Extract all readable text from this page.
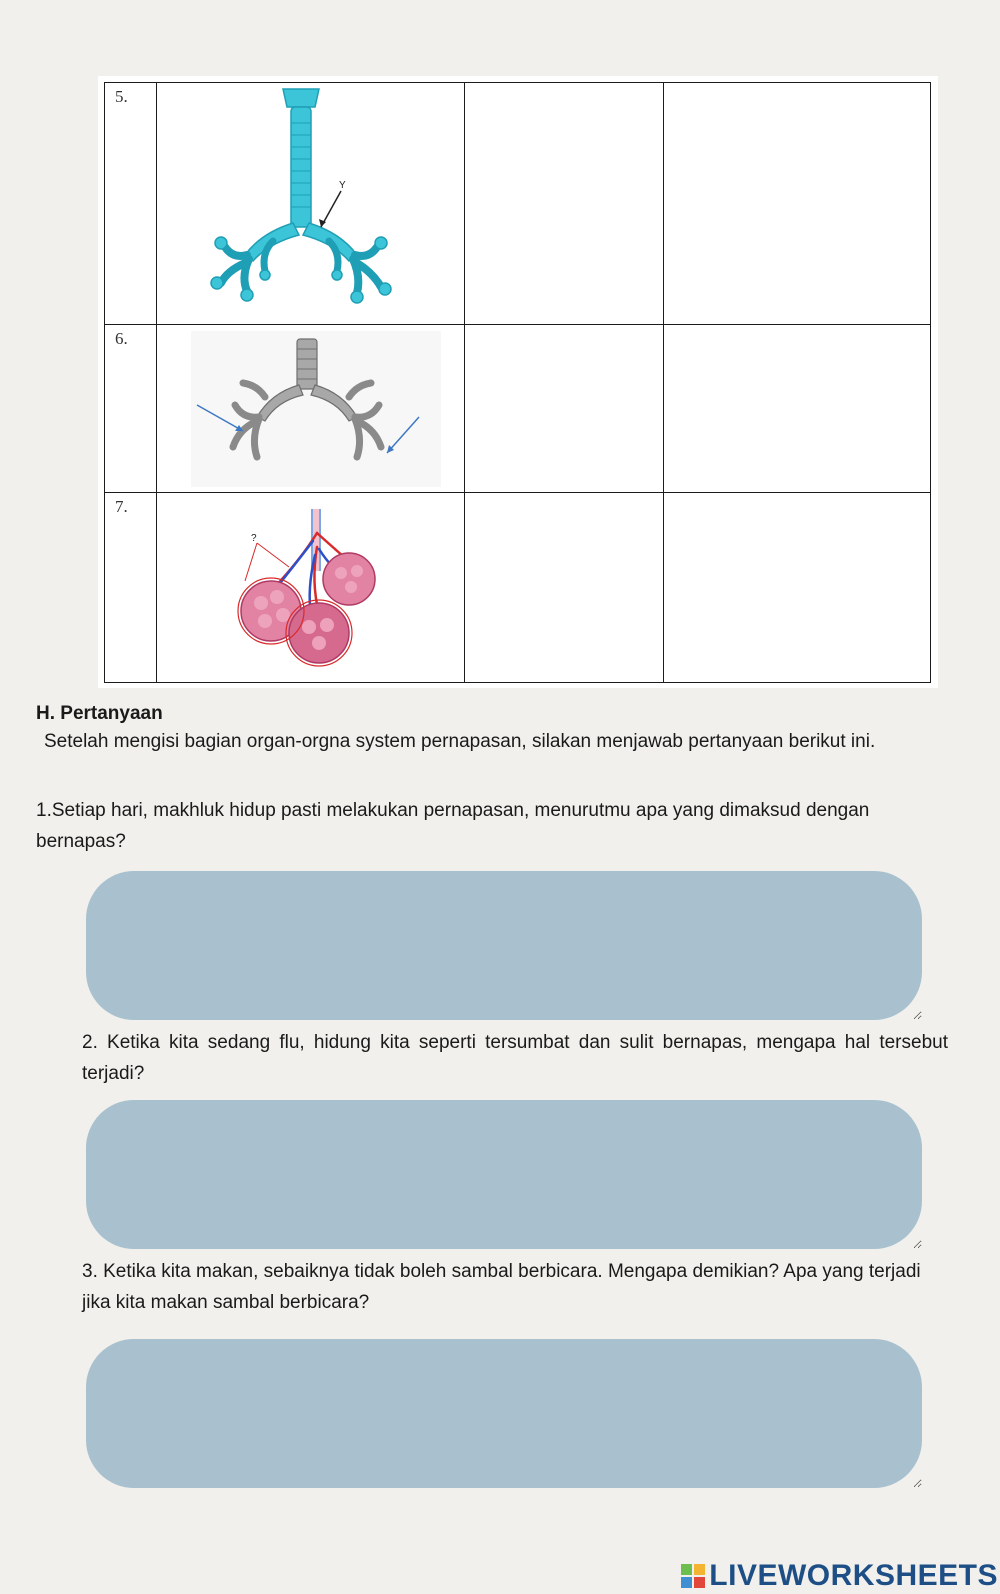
5.	Y		

6.

7.	?		

H. Pertanyaan

Setelah mengisi bagian organ-orgna system pernapasan, silakan menjawab pertanyaan berikut ini.

1.Setiap hari, makhluk hidup pasti melakukan pernapasan, menurutmu apa yang dimaksud dengan bernapas?

2. Ketika kita sedang flu, hidung kita seperti tersumbat dan sulit bernapas, mengapa hal tersebut terjadi?

3. Ketika kita makan, sebaiknya tidak boleh sambal berbicara. Mengapa demikian? Apa yang terjadi jika kita makan sambal berbicara?

LIVEWORKSHEETS
